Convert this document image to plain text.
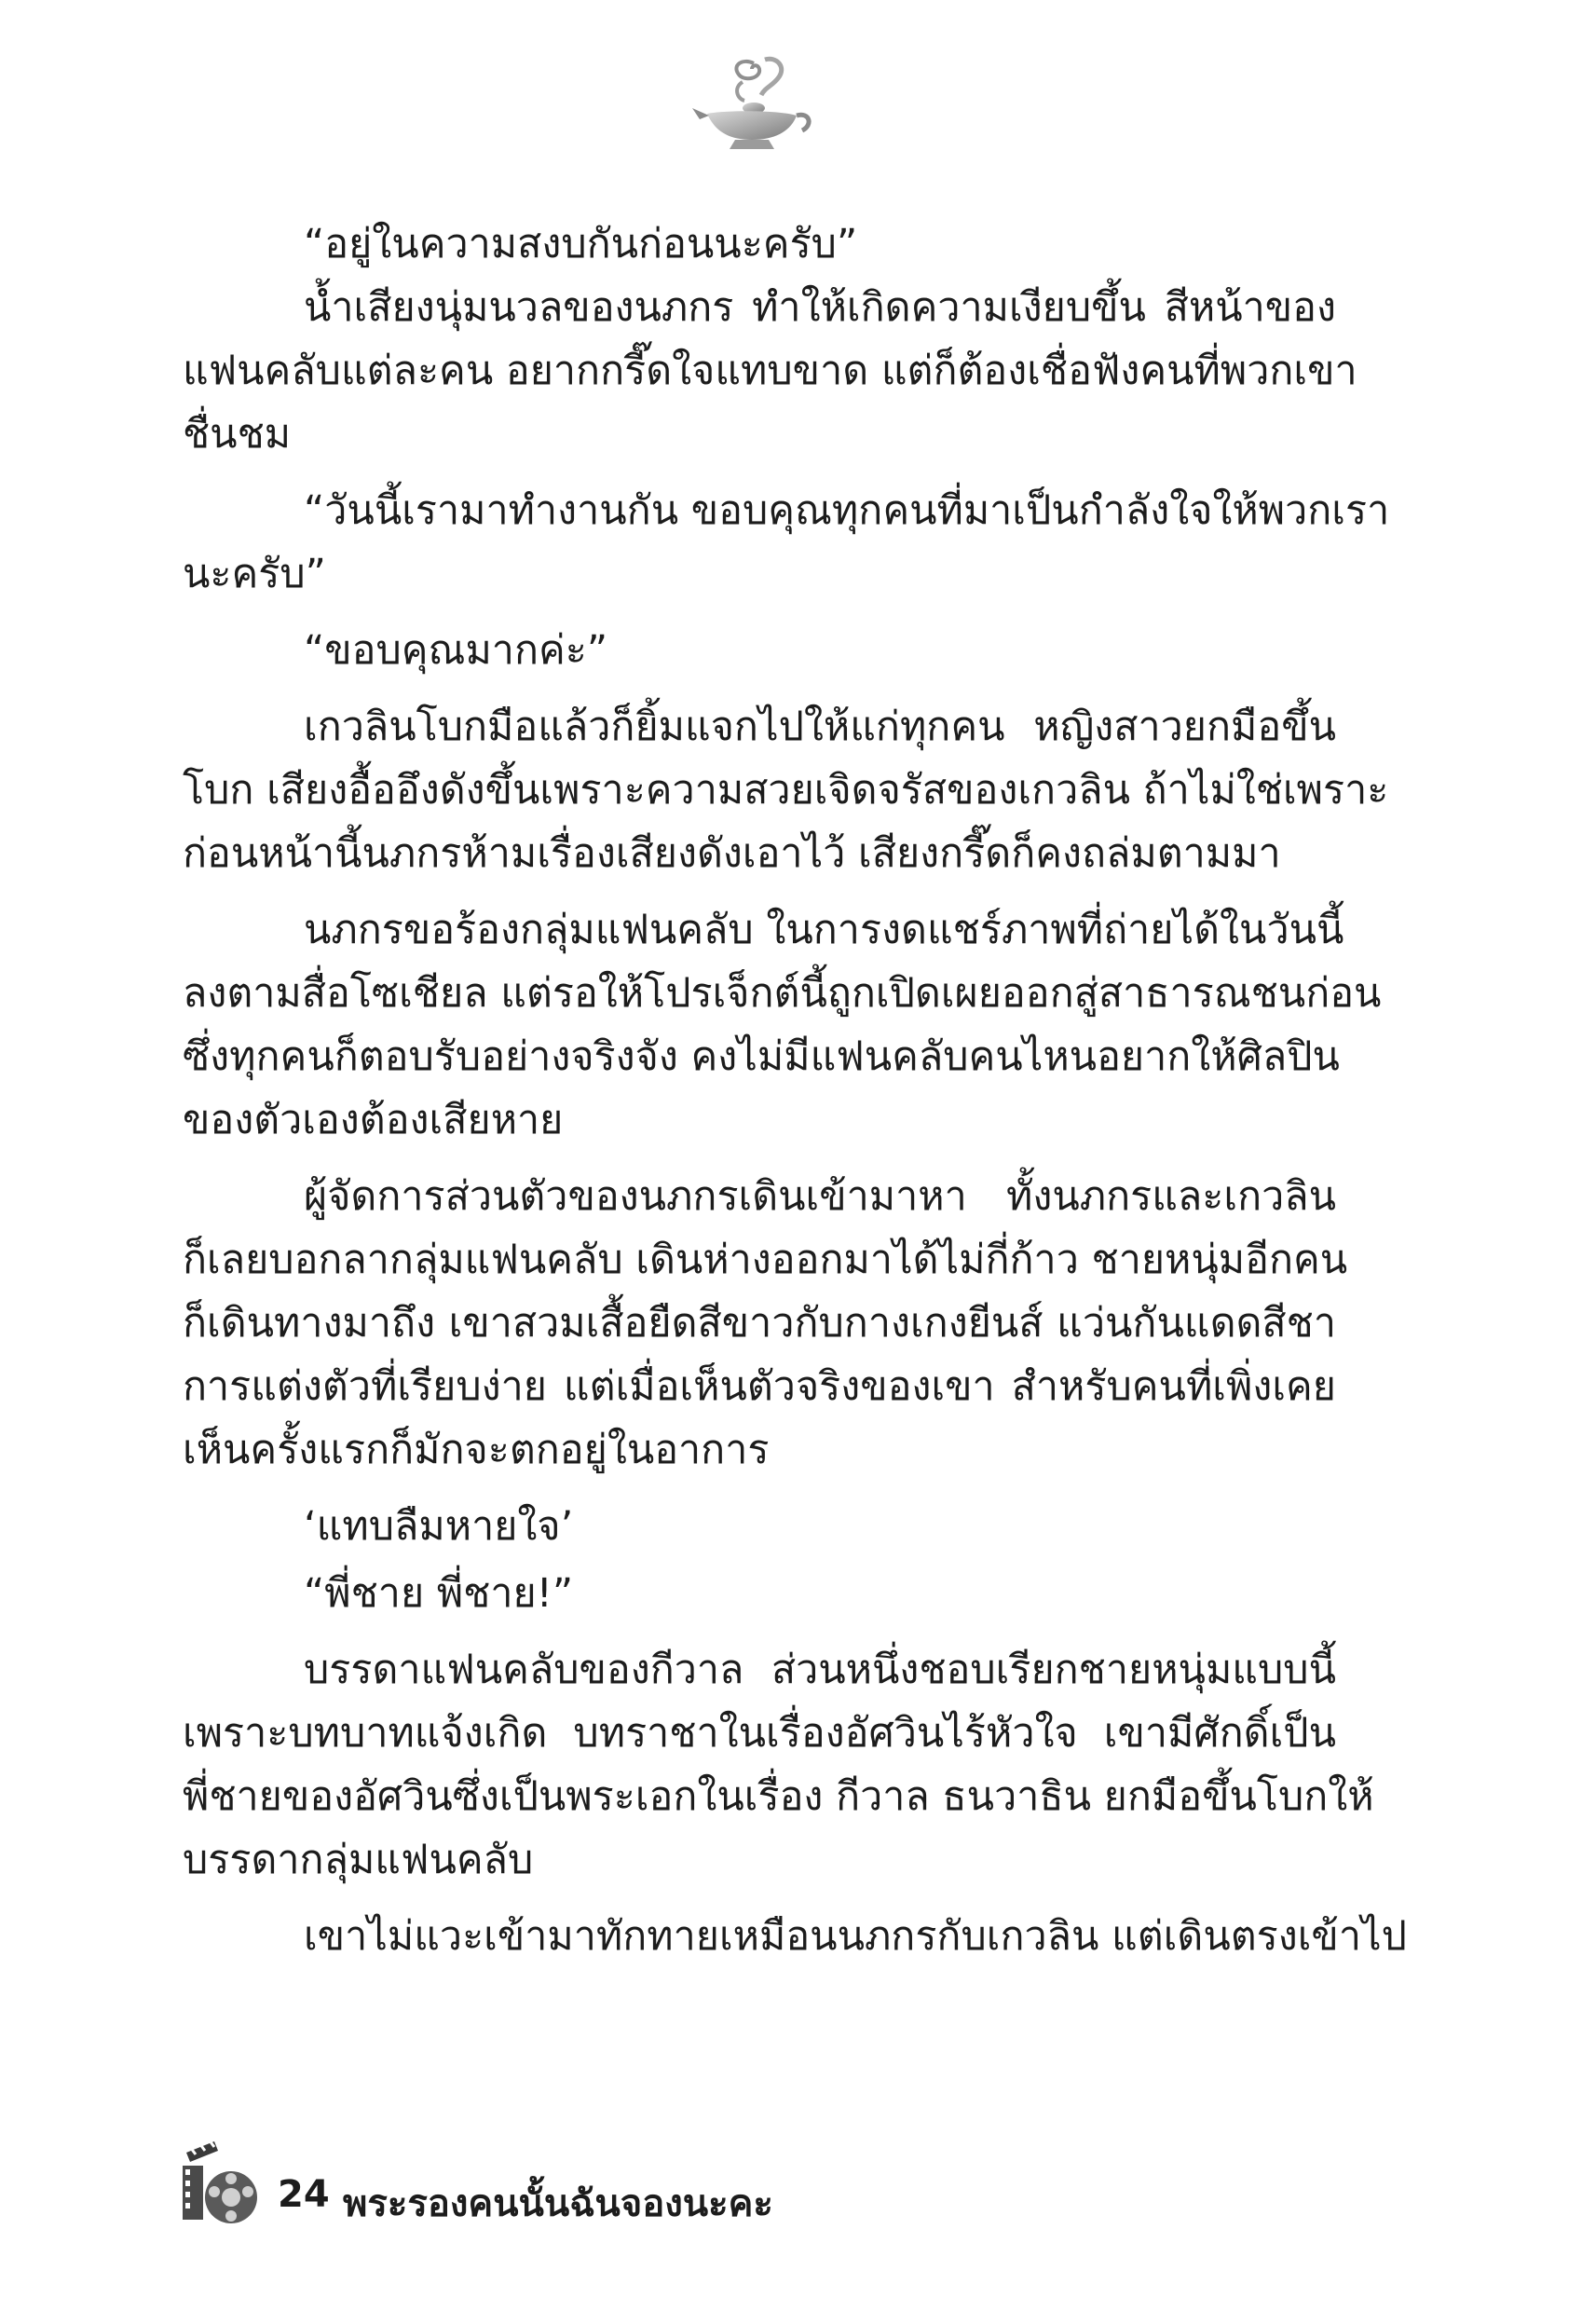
“อยู่ในความสงบกันก่อนนะครับ”
น้ำเสียงนุ่มนวลของนภกร ทำให้เกิดความเงียบขึ้น สีหน้าของ
แฟนคลับแต่ละคน อยากกรี๊ดใจแทบขาด แต่ก็ต้องเชื่อฟังคนที่พวกเขา
ชื่นชม
“วันนี้เรามาทำงานกัน ขอบคุณทุกคนที่มาเป็นกำลังใจให้พวกเรา
นะครับ”
“ขอบคุณมากค่ะ”
เกวลินโบกมือแล้วก็ยิ้มแจกไปให้แก่ทุกคน หญิงสาวยกมือขึ้น
โบก เสียงอื้ออึงดังขึ้นเพราะความสวยเจิดจรัสของเกวลิน ถ้าไม่ใช่เพราะ
ก่อนหน้านี้นภกรห้ามเรื่องเสียงดังเอาไว้ เสียงกรี๊ดก็คงถล่มตามมา
นภกรขอร้องกลุ่มแฟนคลับ ในการงดแชร์ภาพที่ถ่ายได้ในวันนี้
ลงตามสื่อโซเชียล แต่รอให้โปรเจ็กต์นี้ถูกเปิดเผยออกสู่สาธารณชนก่อน
ซึ่งทุกคนก็ตอบรับอย่างจริงจัง คงไม่มีแฟนคลับคนไหนอยากให้ศิลปิน
ของตัวเองต้องเสียหาย
ผู้จัดการส่วนตัวของนภกรเดินเข้ามาหา ทั้งนภกรและเกวลิน
ก็เลยบอกลากลุ่มแฟนคลับ เดินห่างออกมาได้ไม่กี่ก้าว ชายหนุ่มอีกคน
ก็เดินทางมาถึง เขาสวมเสื้อยืดสีขาวกับกางเกงยีนส์ แว่นกันแดดสีชา
การแต่งตัวที่เรียบง่าย แต่เมื่อเห็นตัวจริงของเขา สำหรับคนที่เพิ่งเคย
เห็นครั้งแรกก็มักจะตกอยู่ในอาการ
‘แทบลืมหายใจ’
“พี่ชาย พี่ชาย!”
บรรดาแฟนคลับของกีวาล ส่วนหนึ่งชอบเรียกชายหนุ่มแบบนี้
เพราะบทบาทแจ้งเกิด บทราชาในเรื่องอัศวินไร้หัวใจ เขามีศักดิ์เป็น
พี่ชายของอัศวินซึ่งเป็นพระเอกในเรื่อง กีวาล ธนวาธิน ยกมือขึ้นโบกให้
บรรดากลุ่มแฟนคลับ
เขาไม่แวะเข้ามาทักทายเหมือนนภกรกับเกวลิน แต่เดินตรงเข้าไป
24 พระรองคนนั้นฉันจองนะคะ
